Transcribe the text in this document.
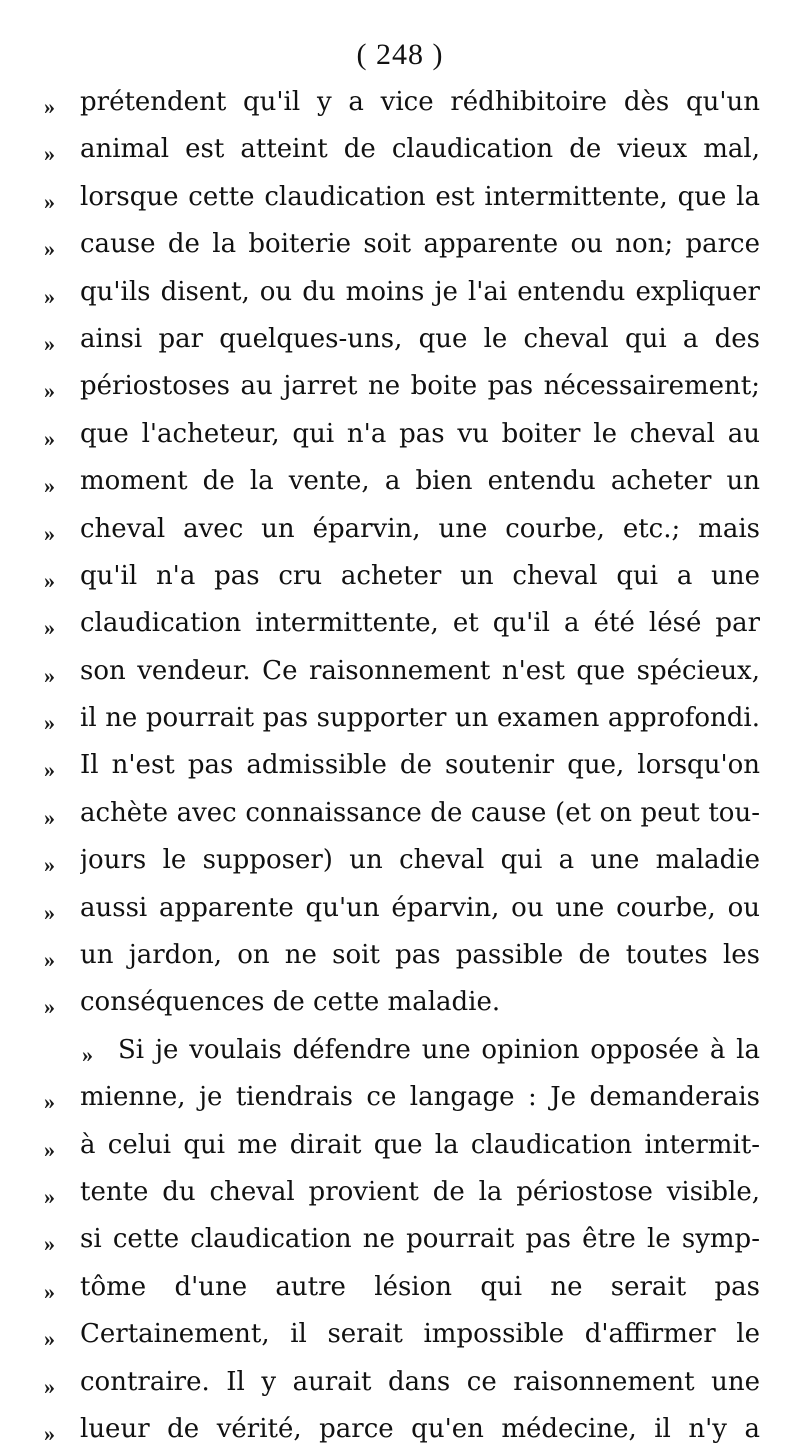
( 248 )
» prétendent qu'il y a vice rédhibitoire dès qu'un
» animal est atteint de claudication de vieux mal,
» lorsque cette claudication est intermittente, que la
» cause de la boiterie soit apparente ou non; parce
» qu'ils disent, ou du moins je l'ai entendu expliquer
» ainsi par quelques-uns, que le cheval qui a des
» périostoses au jarret ne boite pas nécessairement;
» que l'acheteur, qui n'a pas vu boiter le cheval au
» moment de la vente, a bien entendu acheter un
» cheval avec un éparvin, une courbe, etc.; mais
» qu'il n'a pas cru acheter un cheval qui a une
» claudication intermittente, et qu'il a été lésé par
» son vendeur. Ce raisonnement n'est que spécieux,
» il ne pourrait pas supporter un examen approfondi.
» Il n'est pas admissible de soutenir que, lorsqu'on
» achète avec connaissance de cause (et on peut tou-
» jours le supposer) un cheval qui a une maladie
» aussi apparente qu'un éparvin, ou une courbe, ou
» un jardon, on ne soit pas passible de toutes les
» conséquences de cette maladie.
» Si je voulais défendre une opinion opposée à la
» mienne, je tiendrais ce langage : Je demanderais
» à celui qui me dirait que la claudication intermit-
» tente du cheval provient de la périostose visible,
» si cette claudication ne pourrait pas être le symp-
» tôme d'une autre lésion qui ne serait pas
» Certainement, il serait impossible d'affirmer le
» contraire. Il y aurait dans ce raisonnement une
» lueur de vérité, parce qu'en médecine, il n'y a
